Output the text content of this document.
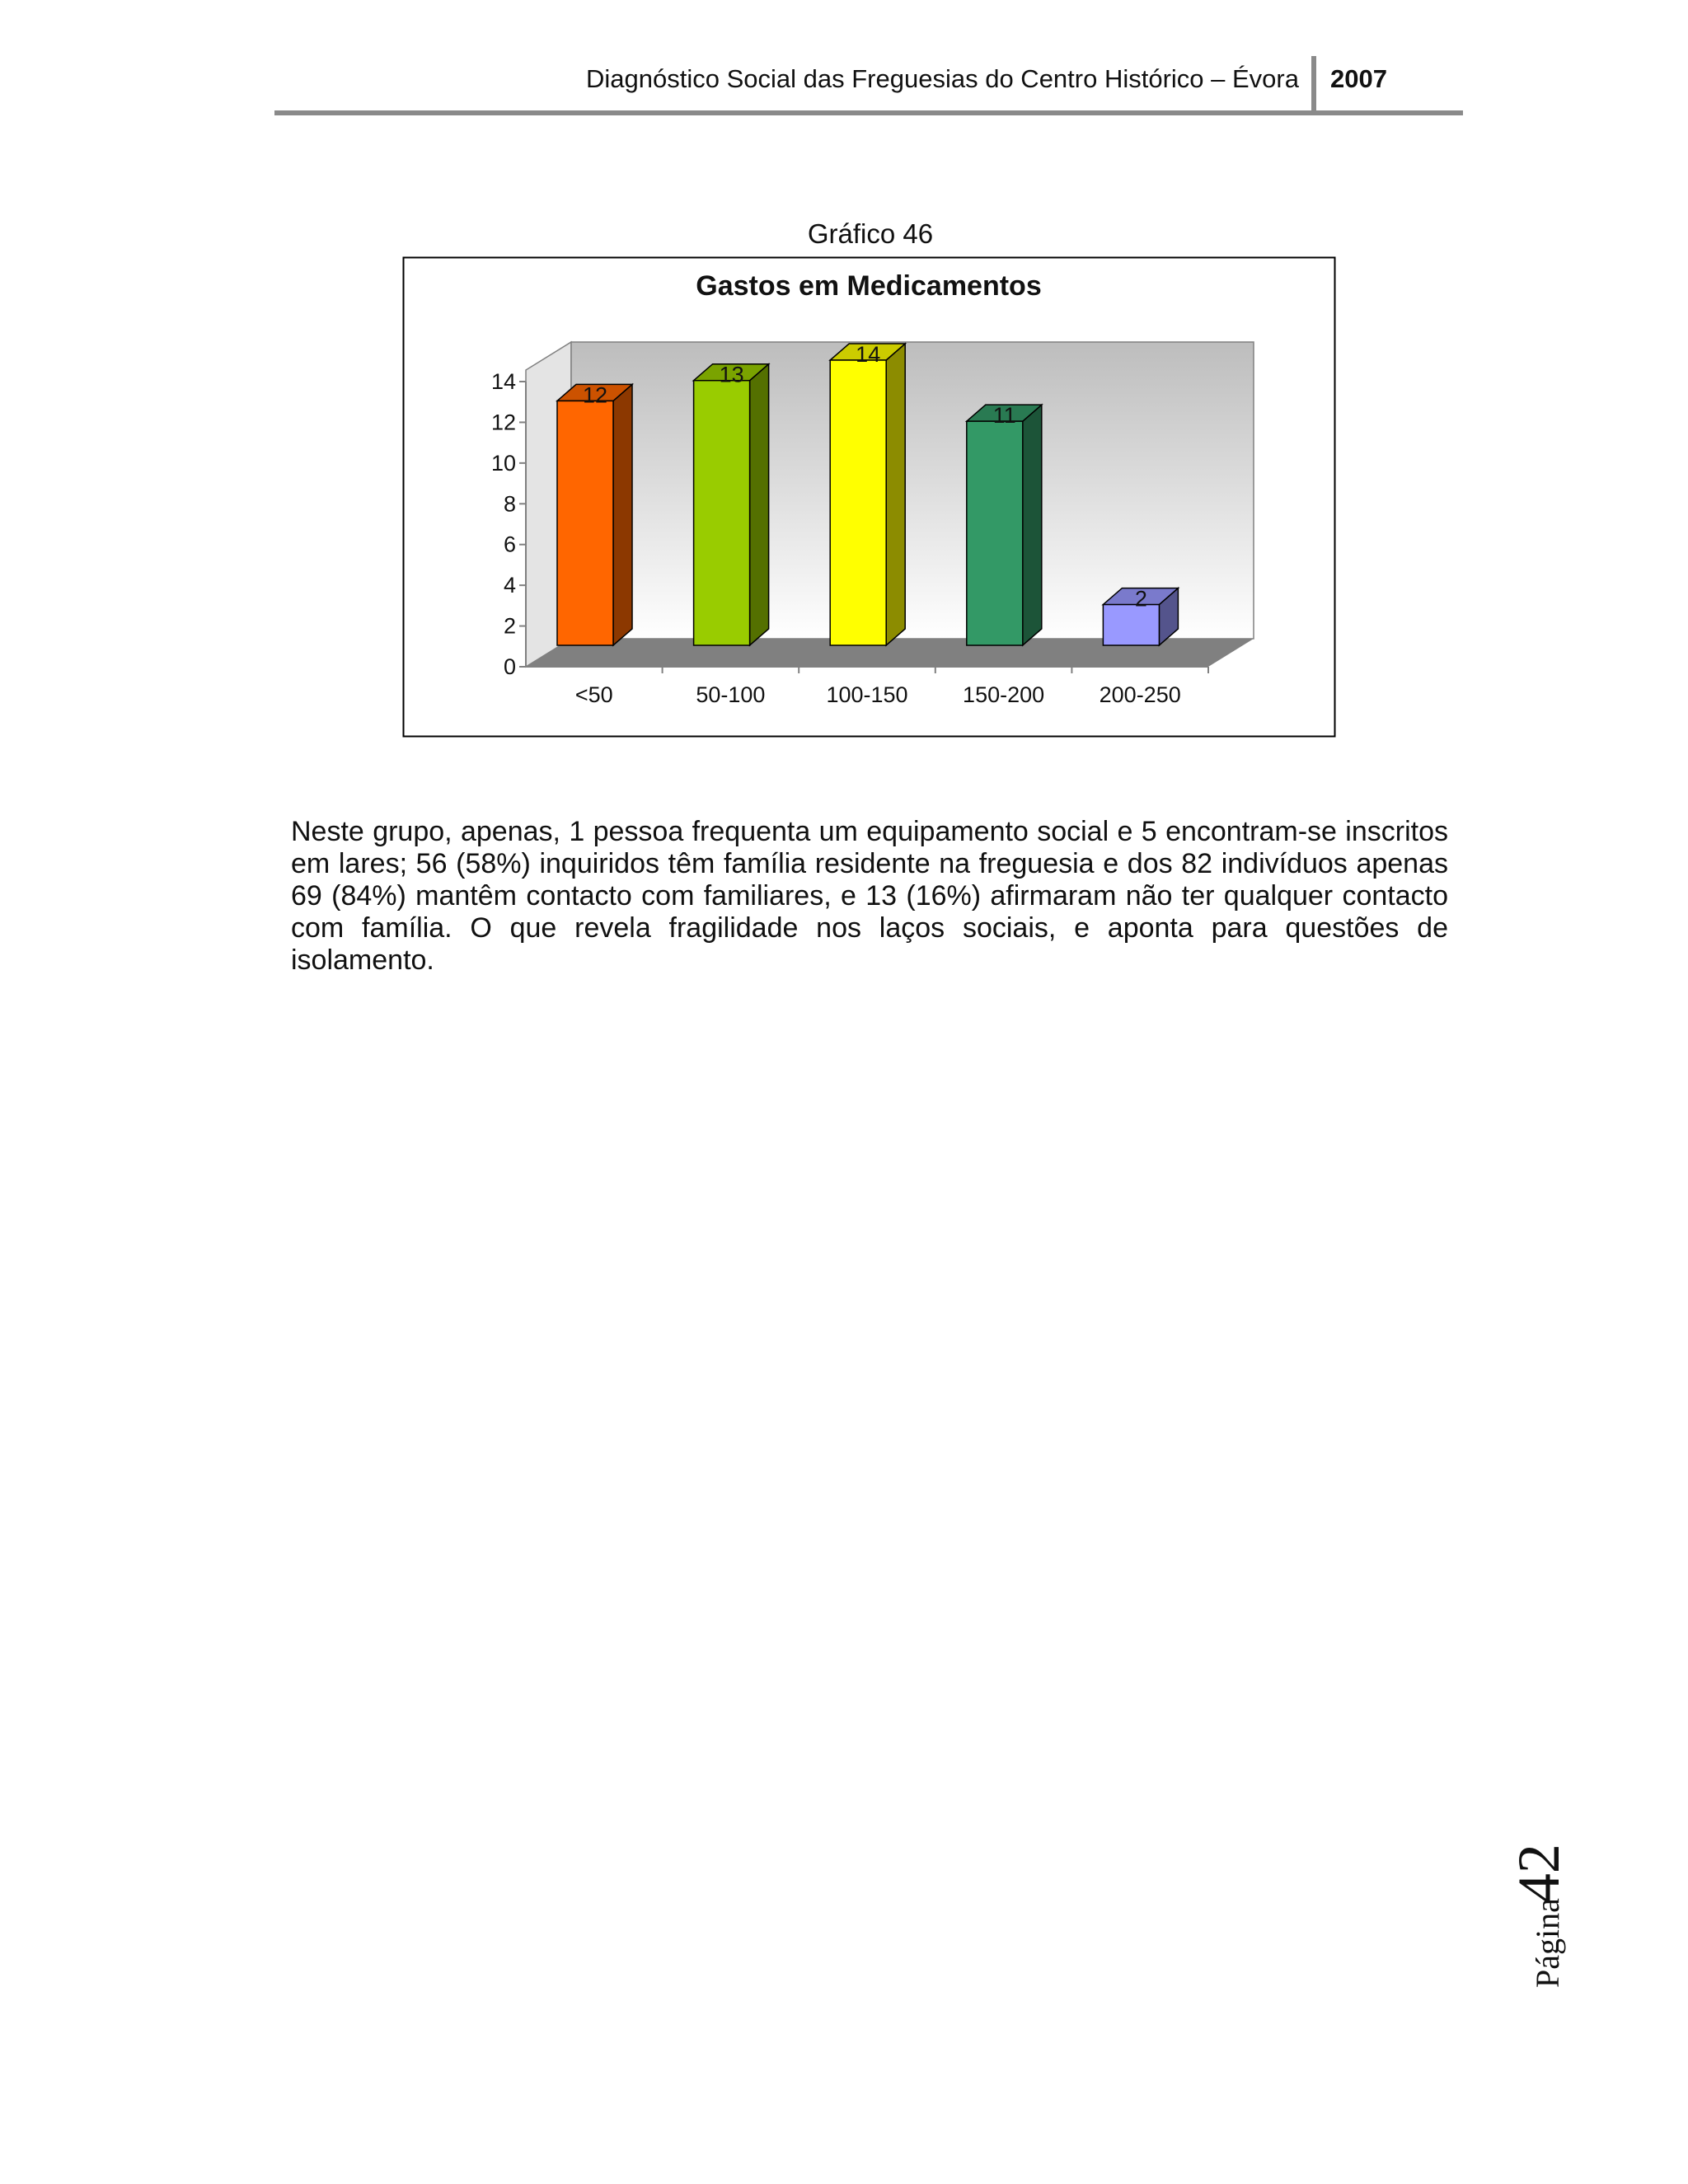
Diagnóstico Social das Freguesias do Centro Histórico – Évora 2007
Gráfico 46
Gastos em Medicamentos
0
2
4
6
8
10
12
14
<50	50-100	100-150 150-200 200-250
12
13
14
11
2

Neste grupo, apenas, 1 pessoa frequenta um equipamento social e 5 encontram-se inscritos em lares; 56 (58%) inquiridos têm família residente na freguesia e dos 82 indivíduos apenas 69 (84%) mantêm contacto com familiares, e 13 (16%) afirmaram não ter qualquer contacto com família. O que revela fragilidade nos laços sociais, e aponta para questões de isolamento.

Página42
